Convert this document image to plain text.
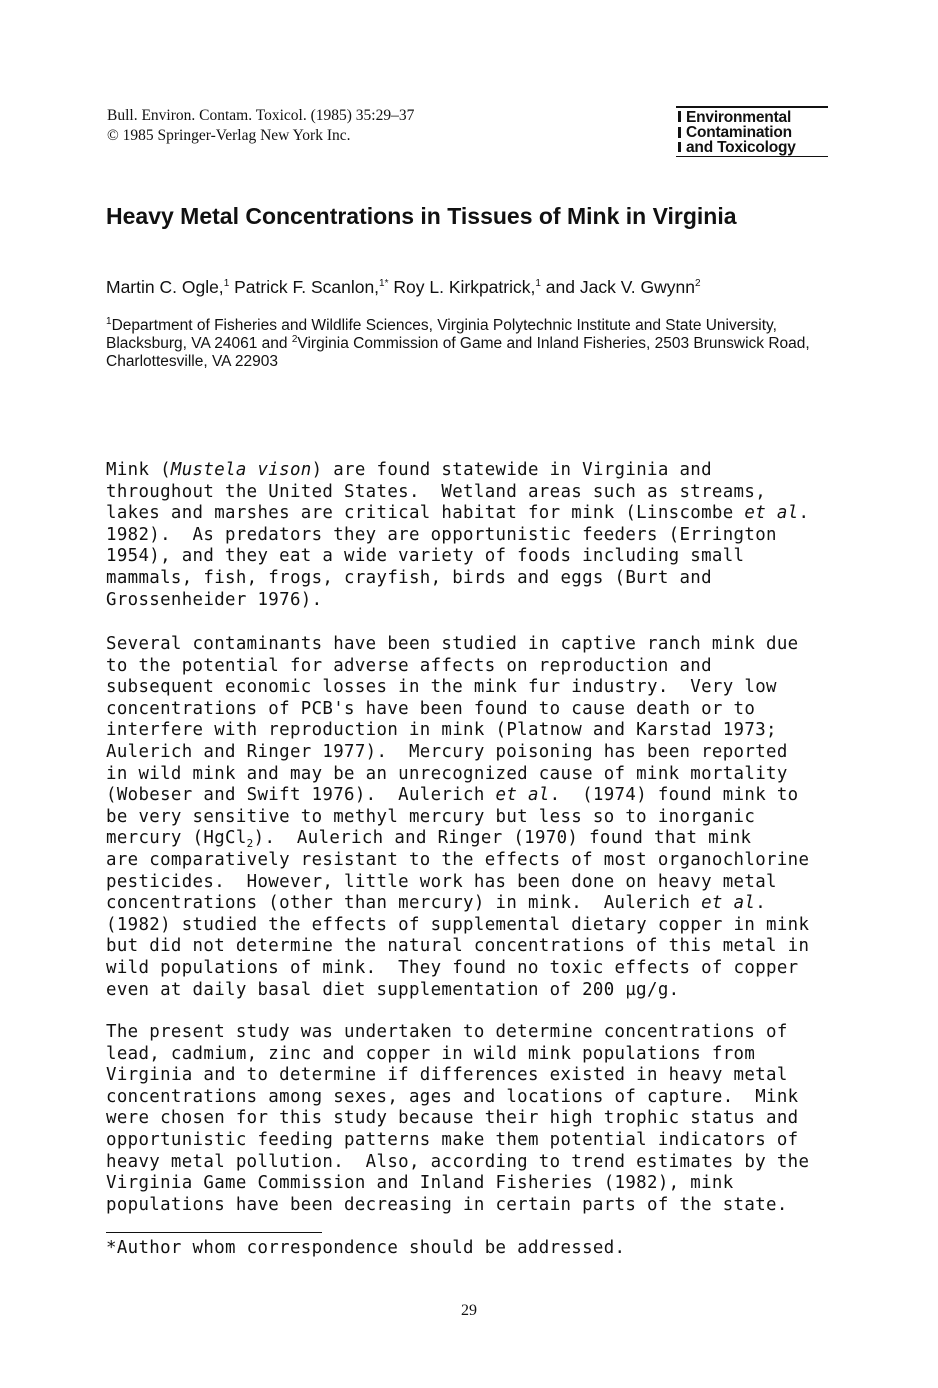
Bull. Environ. Contam. Toxicol. (1985) 35:29–37
© 1985 Springer-Verlag New York Inc.
Environmental
Contamination
and Toxicology
Heavy Metal Concentrations in Tissues of Mink in Virginia
Martin C. Ogle,$^1$ Patrick F. Scanlon,$^{1*}$ Roy L. Kirkpatrick,$^1$ and Jack V. Gwynn$^2$
$^1$Department of Fisheries and Wildlife Sciences, Virginia Polytechnic Institute and State University, Blacksburg, VA 24061 and $^2$Virginia Commission of Game and Inland Fisheries, 2503 Brunswick Road, Charlottesville, VA 22903
Mink (Mustela vison) are found statewide in Virginia and
throughout the United States.  Wetland areas such as streams,
lakes and marshes are critical habitat for mink (Linscombe et al.
1982).  As predators they are opportunistic feeders (Errington
1954), and they eat a wide variety of foods including small
mammals, fish, frogs, crayfish, birds and eggs (Burt and
Grossenheider 1976).
Several contaminants have been studied in captive ranch mink due
to the potential for adverse affects on reproduction and
subsequent economic losses in the mink fur industry.  Very low
concentrations of PCB's have been found to cause death or to
interfere with reproduction in mink (Platnow and Karstad 1973;
Aulerich and Ringer 1977).  Mercury poisoning has been reported
in wild mink and may be an unrecognized cause of mink mortality
(Wobeser and Swift 1976).  Aulerich et al.  (1974) found mink to
be very sensitive to methyl mercury but less so to inorganic
mercury (HgCl$_2$).  Aulerich and Ringer (1970) found that mink
are comparatively resistant to the effects of most organochlorine
pesticides.  However, little work has been done on heavy metal
concentrations (other than mercury) in mink.  Aulerich et al.
(1982) studied the effects of supplemental dietary copper in mink
but did not determine the natural concentrations of this metal in
wild populations of mink.  They found no toxic effects of copper
even at daily basal diet supplementation of 200 µg/g.
The present study was undertaken to determine concentrations of
lead, cadmium, zinc and copper in wild mink populations from
Virginia and to determine if differences existed in heavy metal
concentrations among sexes, ages and locations of capture.  Mink
were chosen for this study because their high trophic status and
opportunistic feeding patterns make them potential indicators of
heavy metal pollution.  Also, according to trend estimates by the
Virginia Game Commission and Inland Fisheries (1982), mink
populations have been decreasing in certain parts of the state.
*Author whom correspondence should be addressed.
29
